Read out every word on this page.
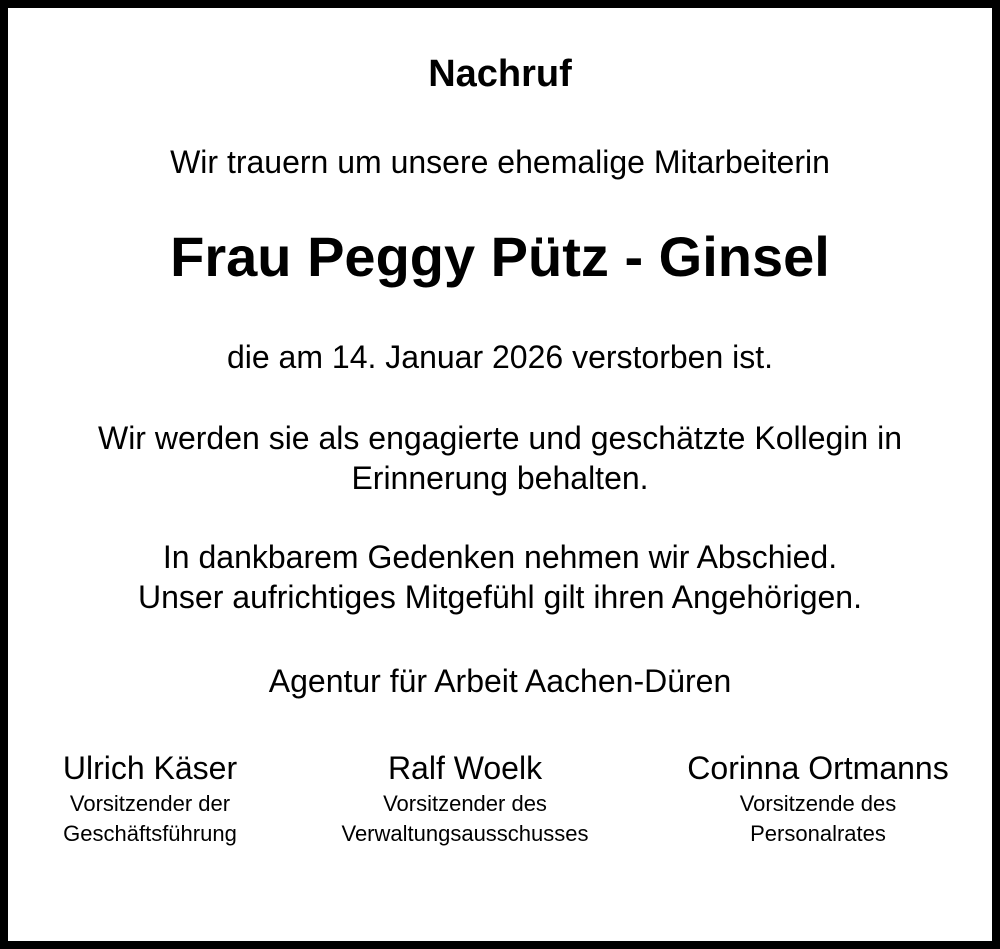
Nachruf
Wir trauern um unsere ehemalige Mitarbeiterin
Frau Peggy Pütz - Ginsel
die am 14. Januar 2026 verstorben ist.
Wir werden sie als engagierte und geschätzte Kollegin in
Erinnerung behalten.
In dankbarem Gedenken nehmen wir Abschied.
Unser aufrichtiges Mitgefühl gilt ihren Angehörigen.
Agentur für Arbeit Aachen-Düren
Ulrich Käser
Vorsitzender der
Geschäftsführung
Ralf Woelk
Vorsitzender des
Verwaltungsausschusses
Corinna Ortmanns
Vorsitzende des
Personalrates
